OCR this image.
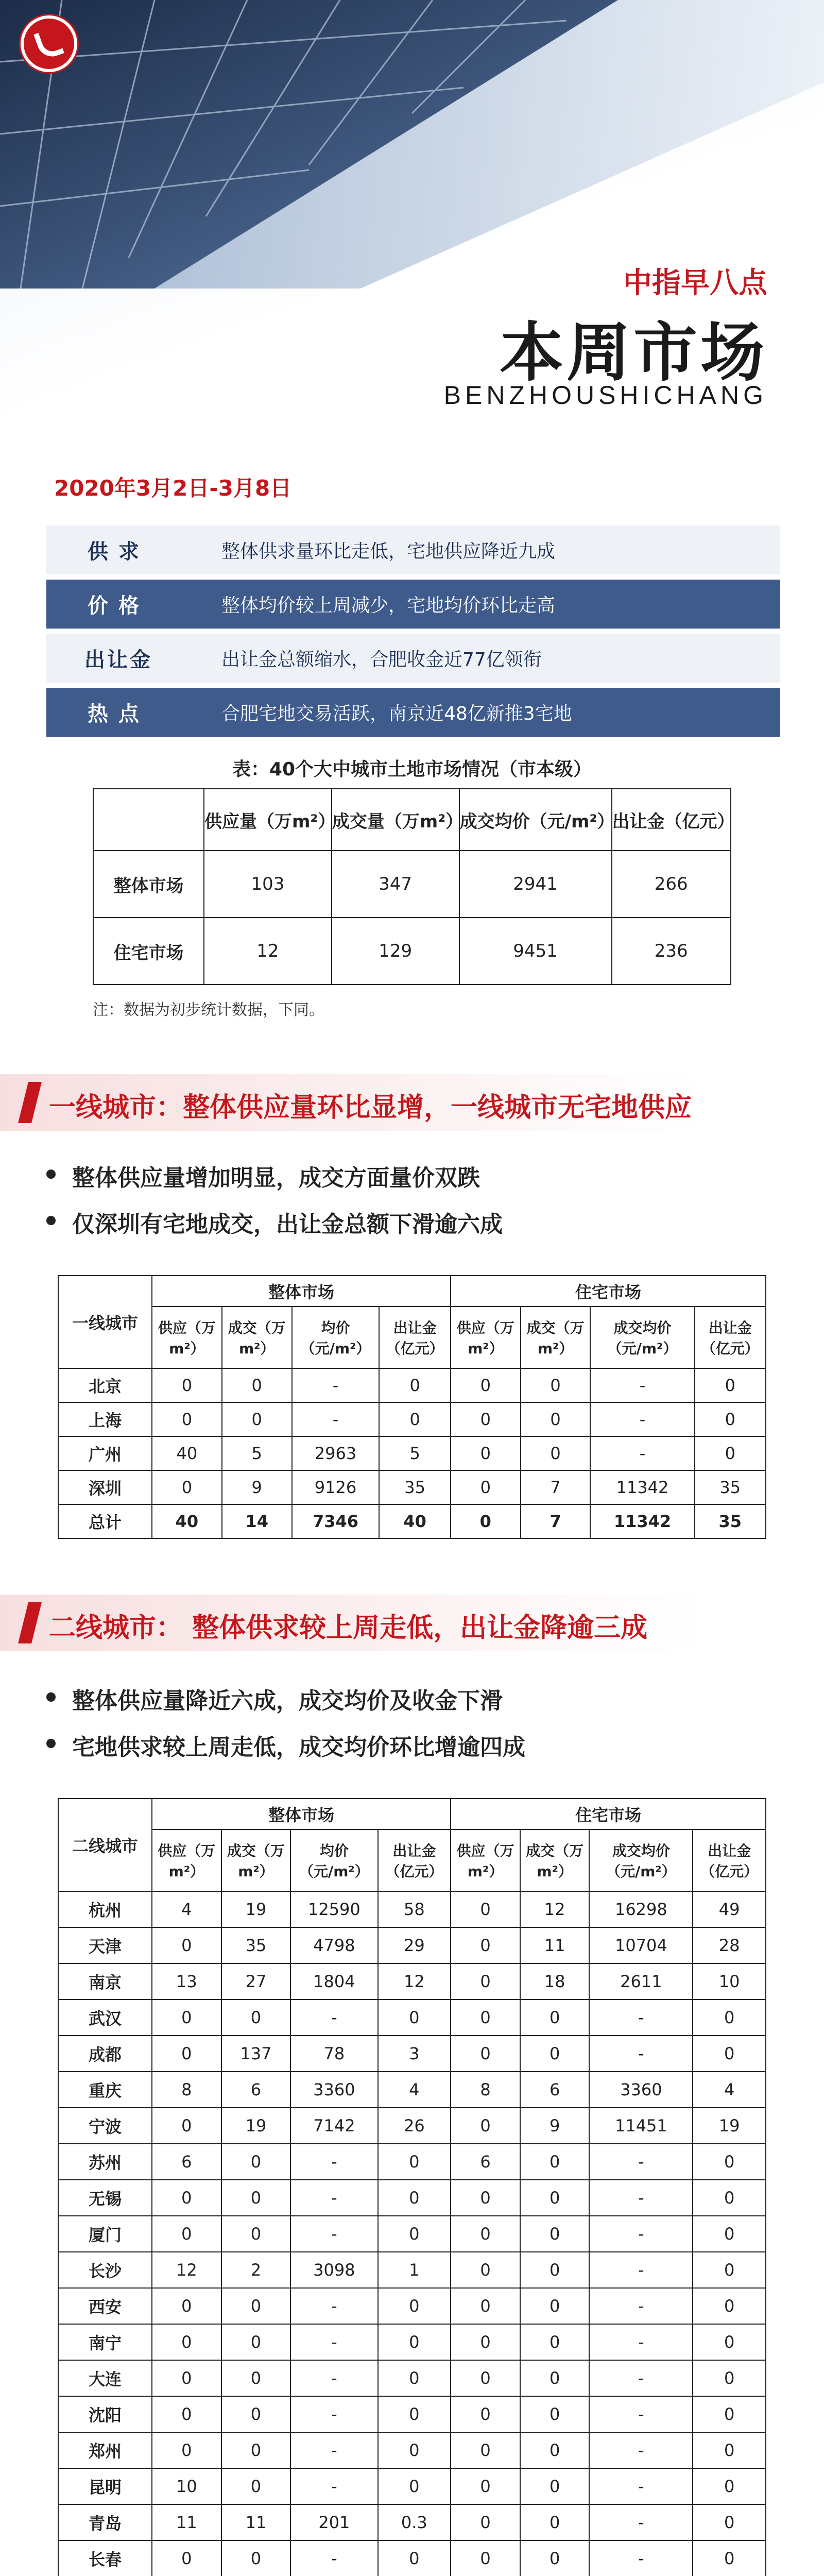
中指早八点
本周市场
BENZHOUSHICHANG
2020年3月2日-3月8日
供求	整体供求量环比走低，宅地供应降近九成
价格	整体均价较上周减少，宅地均价环比走高
出让金	出让金总额缩水，合肥收金近77亿领衔
热点	合肥宅地交易活跃，南京近48亿新推3宅地
表：40个大中城市土地市场情况（市本级）
	供应量（万m²）	成交量（万m²）	成交均价（元/m²）	出让金（亿元）
整体市场	103	347	2941	266
住宅市场	12	129	9451	236
注：数据为初步统计数据，下同。
一线城市：整体供应量环比显增，一线城市无宅地供应
整体供应量增加明显，成交方面量价双跌
仅深圳有宅地成交，出让金总额下滑逾六成
一线城市	整体市场				住宅市场			
	供应（万m²）	成交（万m²）	均价（元/m²）	出让金（亿元）	供应（万m²）	成交（万m²）	成交均价（元/m²）	出让金（亿元）
北京	0	0	-	0	0	0	-	0
上海	0	0	-	0	0	0	-	0
广州	40	5	2963	5	0	0	-	0
深圳	0	9	9126	35	0	7	11342	35
总计	40	14	7346	40	0	7	11342	35
二线城市： 整体供求较上周走低，出让金降逾三成
整体供应量降近六成，成交均价及收金下滑
宅地供求较上周走低，成交均价环比增逾四成
二线城市	整体市场				住宅市场			
	供应（万m²）	成交（万m²）	均价（元/m²）	出让金（亿元）	供应（万m²）	成交（万m²）	成交均价（元/m²）	出让金（亿元）
杭州	4	19	12590	58	0	12	16298	49
天津	0	35	4798	29	0	11	10704	28
南京	13	27	1804	12	0	18	2611	10
武汉	0	0	-	0	0	0	-	0
成都	0	137	78	3	0	0	-	0
重庆	8	6	3360	4	8	6	3360	4
宁波	0	19	7142	26	0	9	11451	19
苏州	6	0	-	0	6	0	-	0
无锡	0	0	-	0	0	0	-	0
厦门	0	0	-	0	0	0	-	0
长沙	12	2	3098	1	0	0	-	0
西安	0	0	-	0	0	0	-	0
南宁	0	0	-	0	0	0	-	0
大连	0	0	-	0	0	0	-	0
沈阳	0	0	-	0	0	0	-	0
郑州	0	0	-	0	0	0	-	0
昆明	10	0	-	0	0	0	-	0
青岛	11	11	201	0.3	0	0	-	0
长春	0	0	-	0	0	0	-	0
